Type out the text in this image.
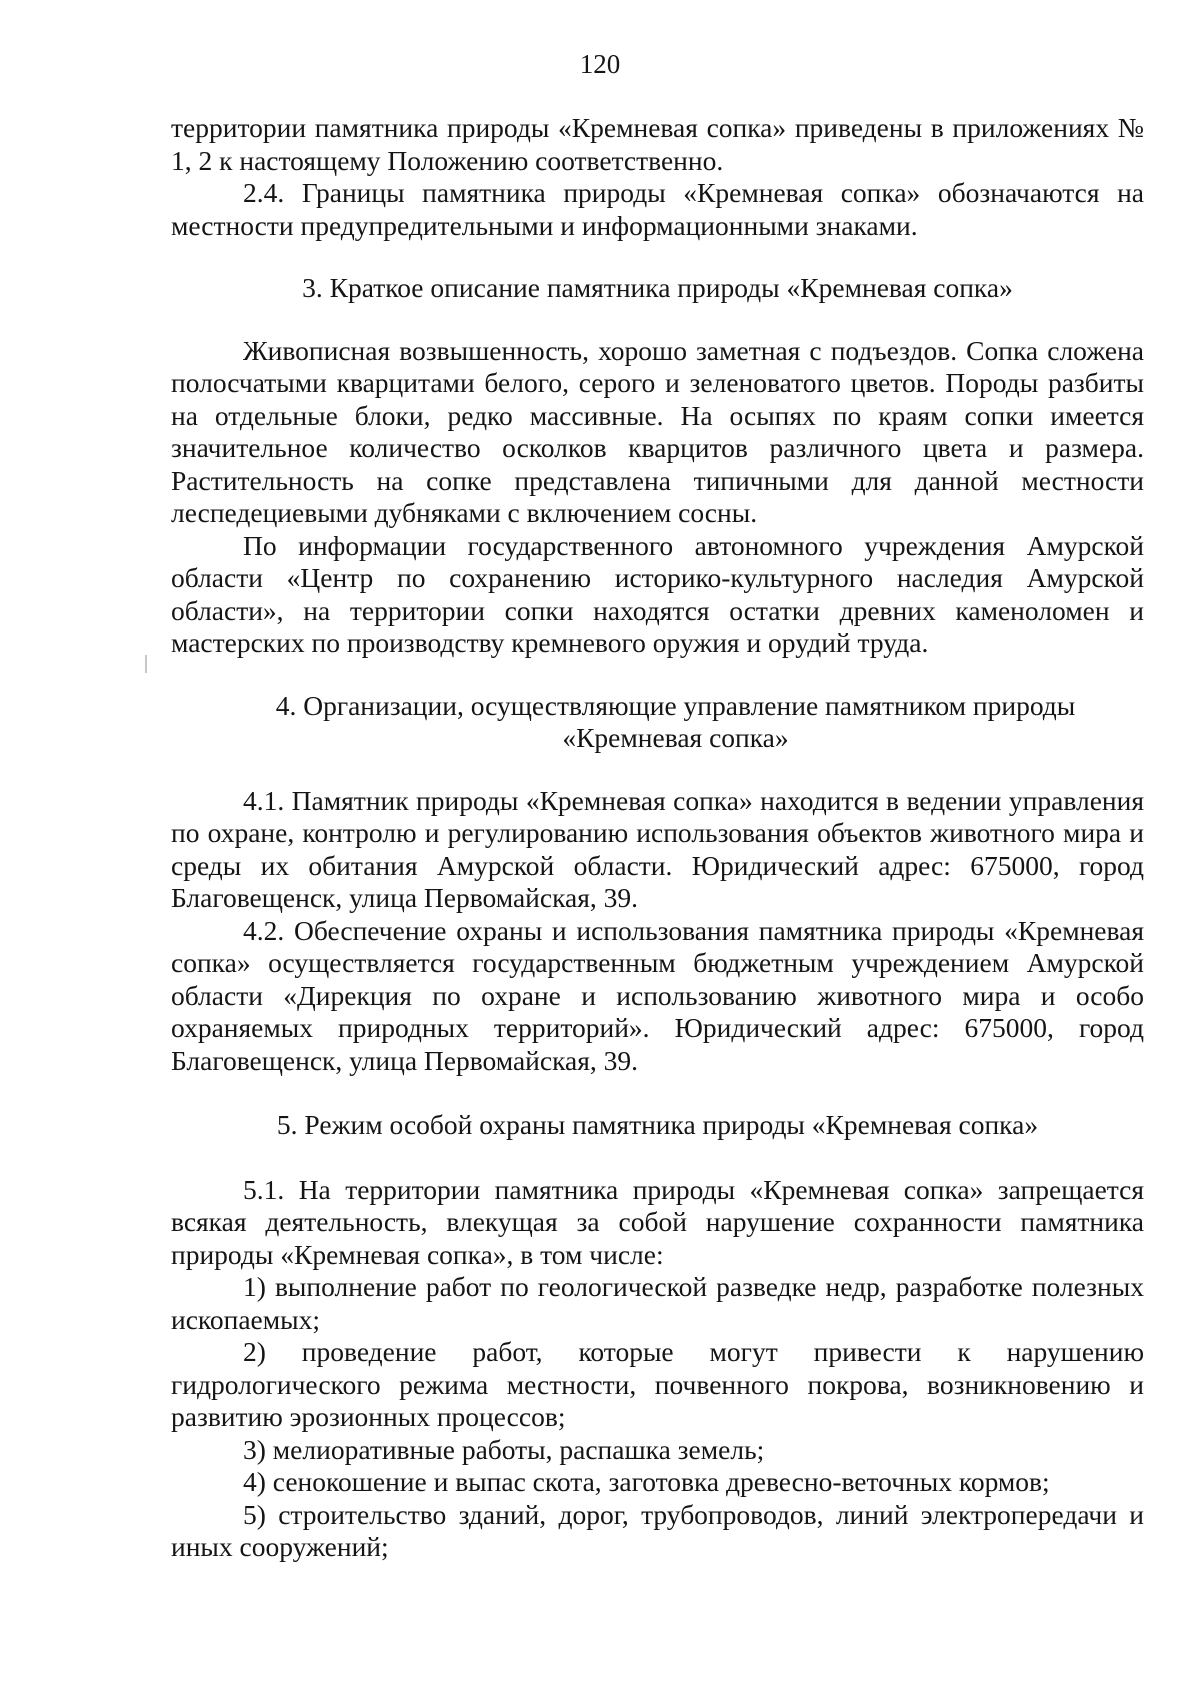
120

территории памятника природы «Кремневая сопка» приведены в приложениях № 1, 2 к настоящему Положению соответственно.

2.4. Границы памятника природы «Кремневая сопка» обозначаются на местности предупредительными и информационными знаками.

3. Краткое описание памятника природы «Кремневая сопка»

Живописная возвышенность, хорошо заметная с подъездов. Сопка сложена полосчатыми кварцитами белого, серого и зеленоватого цветов. Породы разбиты на отдельные блоки, редко массивные. На осыпях по краям сопки имеется значительное количество осколков кварцитов различного цвета и размера. Растительность на сопке представлена типичными для данной местности леспедециевыми дубняками с включением сосны.

По информации государственного автономного учреждения Амурской области «Центр по сохранению историко-культурного наследия Амурской области», на территории сопки находятся остатки древних каменоломен и мастерских по производству кремневого оружия и орудий труда.

4. Организации, осуществляющие управление памятником природы
«Кремневая сопка»

4.1. Памятник природы «Кремневая сопка» находится в ведении управления по охране, контролю и регулированию использования объектов животного мира и среды их обитания Амурской области. Юридический адрес: 675000, город Благовещенск, улица Первомайская, 39.

4.2. Обеспечение охраны и использования памятника природы «Кремневая сопка» осуществляется государственным бюджетным учреждением Амурской области «Дирекция по охране и использованию животного мира и особо охраняемых природных территорий». Юридический адрес: 675000, город Благовещенск, улица Первомайская, 39.

5. Режим особой охраны памятника природы «Кремневая сопка»

5.1. На территории памятника природы «Кремневая сопка» запрещается всякая деятельность, влекущая за собой нарушение сохранности памятника природы «Кремневая сопка», в том числе:

1) выполнение работ по геологической разведке недр, разработке полезных ископаемых;

2) проведение работ, которые могут привести к нарушению гидрологического режима местности, почвенного покрова, возникновению и развитию эрозионных процессов;

3) мелиоративные работы, распашка земель;

4) сенокошение и выпас скота, заготовка древесно-веточных кормов;

5) строительство зданий, дорог, трубопроводов, линий электропередачи и иных сооружений;
